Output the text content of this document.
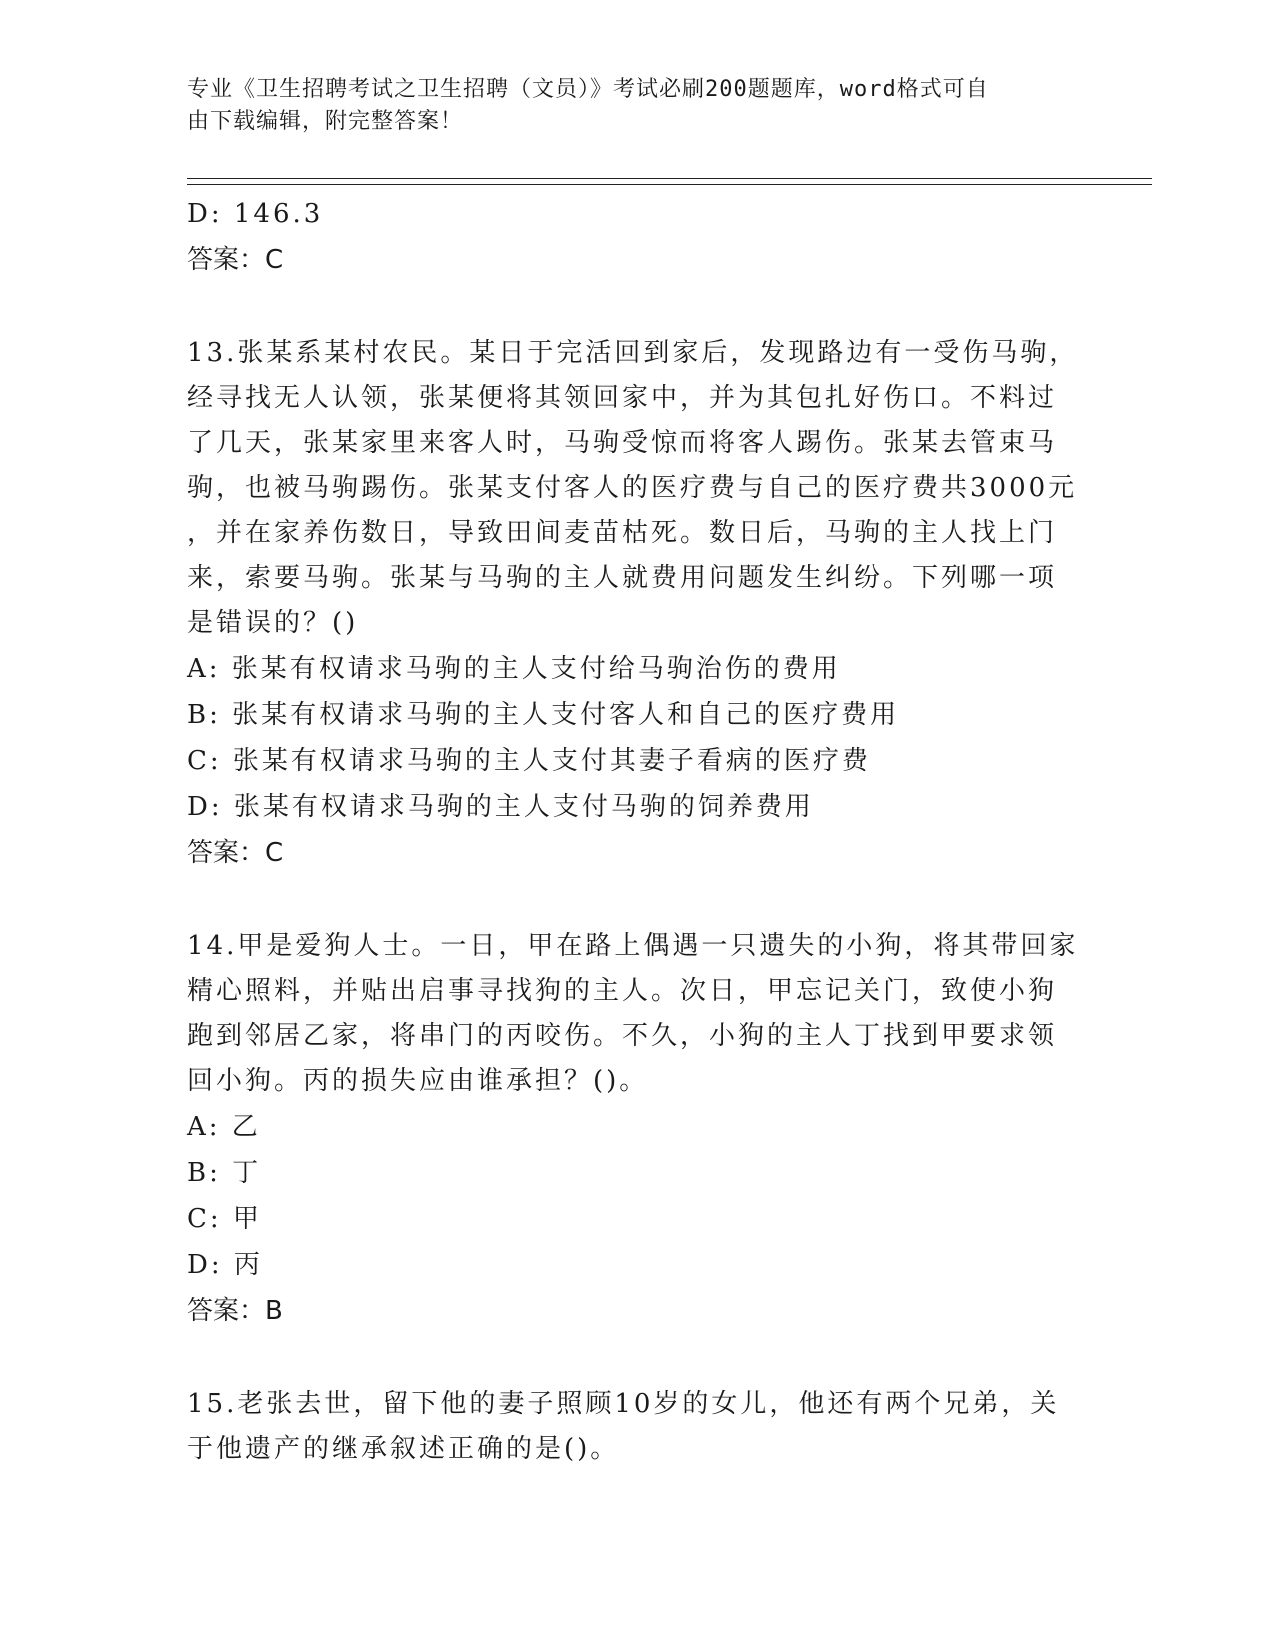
专业《卫生招聘考试之卫生招聘（文员）》考试必刷200题题库，word格式可自
由下载编辑，附完整答案！
D: 146.3
答案：C
13.张某系某村农民。某日于完活回到家后，发现路边有一受伤马驹，
经寻找无人认领，张某便将其领回家中，并为其包扎好伤口。不料过
了几天，张某家里来客人时，马驹受惊而将客人踢伤。张某去管束马
驹，也被马驹踢伤。张某支付客人的医疗费与自己的医疗费共3000元
，并在家养伤数日，导致田间麦苗枯死。数日后，马驹的主人找上门
来，索要马驹。张某与马驹的主人就费用问题发生纠纷。下列哪一项
是错误的？()
A: 张某有权请求马驹的主人支付给马驹治伤的费用
B: 张某有权请求马驹的主人支付客人和自己的医疗费用
C: 张某有权请求马驹的主人支付其妻子看病的医疗费
D: 张某有权请求马驹的主人支付马驹的饲养费用
答案：C
14.甲是爱狗人士。一日，甲在路上偶遇一只遗失的小狗，将其带回家
精心照料，并贴出启事寻找狗的主人。次日，甲忘记关门，致使小狗
跑到邻居乙家，将串门的丙咬伤。不久，小狗的主人丁找到甲要求领
回小狗。丙的损失应由谁承担？()。
A: 乙
B: 丁
C: 甲
D: 丙
答案：B
15.老张去世，留下他的妻子照顾10岁的女儿，他还有两个兄弟，关
于他遗产的继承叙述正确的是()。
